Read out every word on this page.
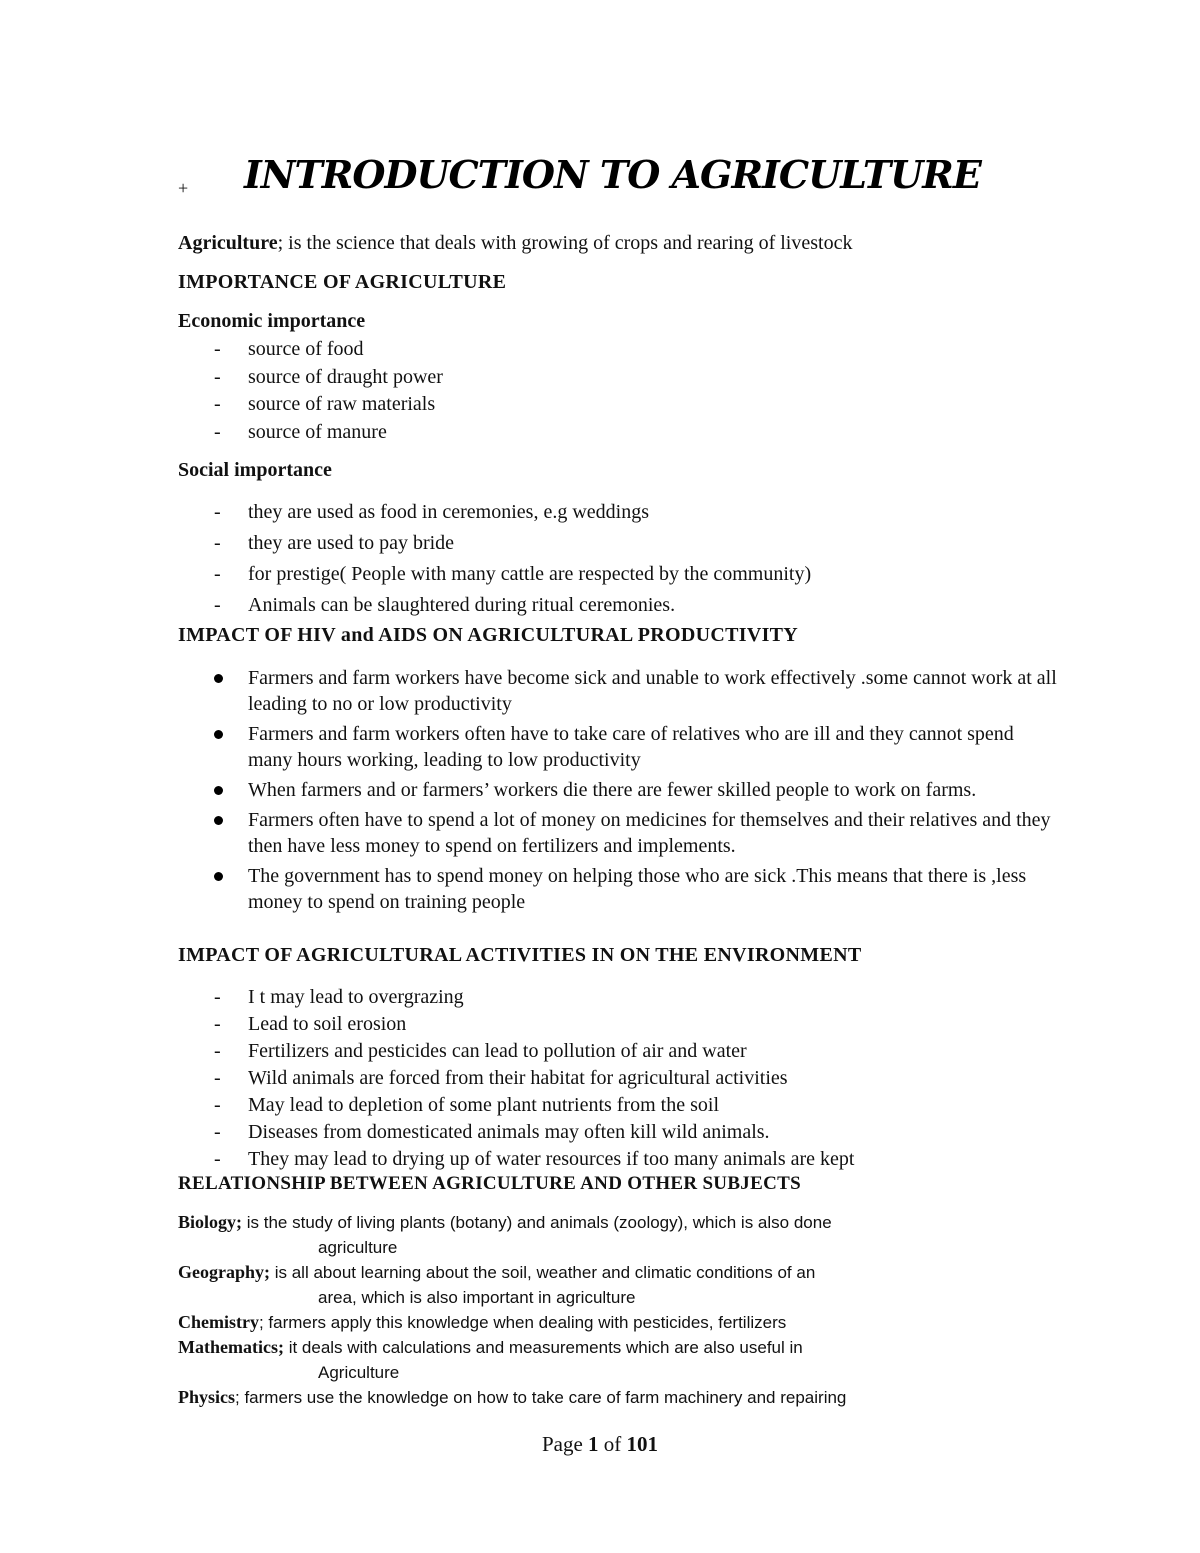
+ INTRODUCTION TO AGRICULTURE
Agriculture; is the science that deals with growing of crops and rearing of livestock
IMPORTANCE OF AGRICULTURE
Economic importance
- source of food
- source of draught power
- source of raw materials
- source of manure
Social importance
- they are used as food in ceremonies, e.g weddings
- they are used to pay bride
- for prestige( People with many cattle are respected by the community)
- Animals can be slaughtered during ritual ceremonies.
IMPACT OF HIV and AIDS ON AGRICULTURAL PRODUCTIVITY
Farmers and farm workers have become sick and unable to work effectively .some cannot work at all leading to no or low productivity
Farmers and farm workers often have to take care of relatives who are ill and they cannot spend many hours working, leading to low productivity
When farmers and or farmers’ workers die there are fewer skilled people to work on farms.
Farmers often have to spend a lot of money on medicines for themselves and their relatives and they then have less money to spend on fertilizers and implements.
The government has to spend money on helping those who are sick .This means that there is ,less money to spend on training people
IMPACT OF AGRICULTURAL ACTIVITIES IN ON THE ENVIRONMENT
- I t may lead to overgrazing
- Lead to soil erosion
- Fertilizers and pesticides can lead to pollution of air and water
- Wild animals are forced from their habitat for agricultural activities
- May lead to depletion of some plant nutrients from the soil
- Diseases from domesticated animals may often kill wild animals.
- They may lead to drying up of water resources if too many animals are kept
RELATIONSHIP BETWEEN AGRICULTURE AND OTHER SUBJECTS
Biology; is the study of living plants (botany) and animals (zoology), which is also done
agriculture
Geography; is all about learning about the soil, weather and climatic conditions of an
area, which is also important in agriculture
Chemistry; farmers apply this knowledge when dealing with pesticides, fertilizers
Mathematics; it deals with calculations and measurements which are also useful in
Agriculture
Physics; farmers use the knowledge on how to take care of farm machinery and repairing
Page 1 of 101
